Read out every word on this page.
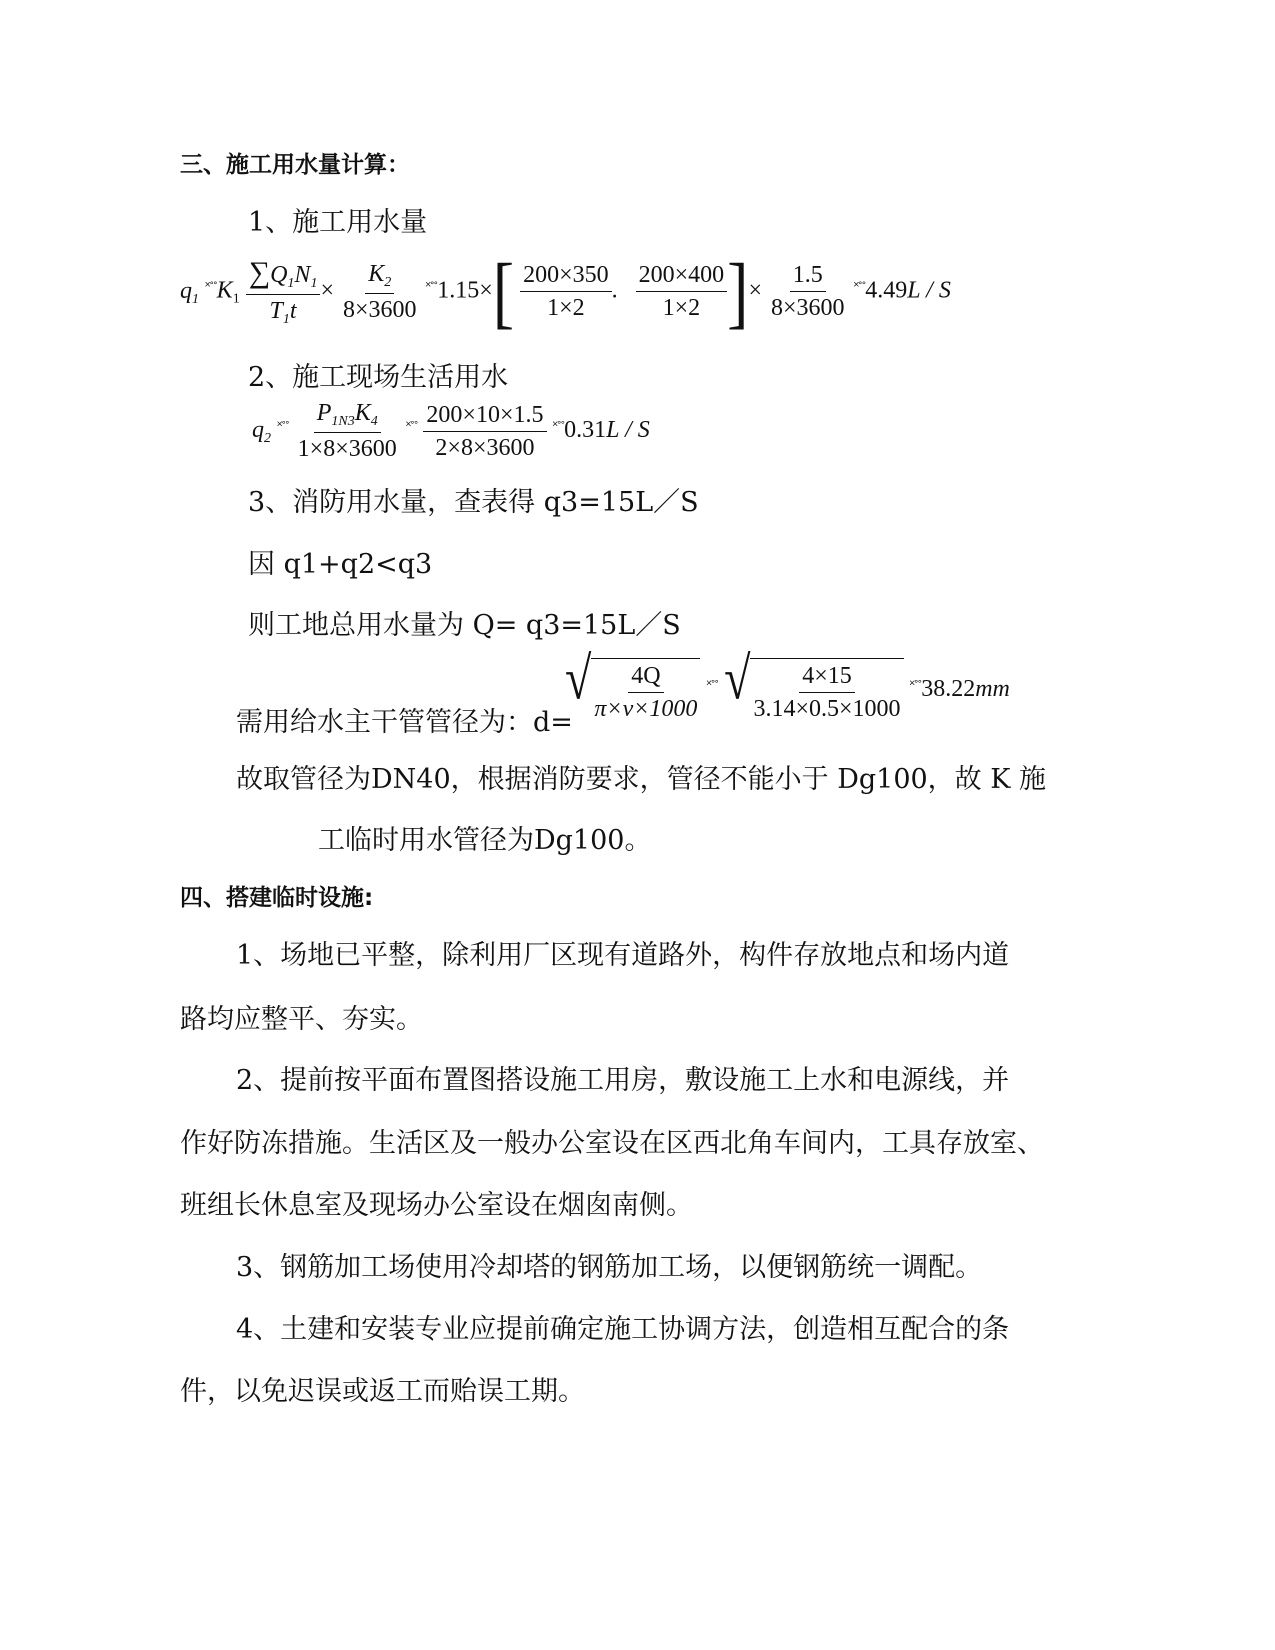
三、施工用水量计算：
1、施工用水量
$q_1$ $^{˟˚˚}K_1 \frac{\sum Q_1N_1}{T_1t} \times \frac{K_2}{8\times 3600} ^{˟˚˚}1.15\times[ \frac{200\times 350}{1\times 2}$ . $\frac{200\times 400}{1\times 2}$ ]× $\frac{1.5}{8\times 3600} ^{˟˚˚}4.49L$ / S
2、施工现场生活用水
$q_2$ $^{˟˚˚} \frac{P_{1N3}K_4}{1\times 8\times 3600} ^{˟˚˚} \frac{200\times 10\times 1.5}{2\times 8\times 3600} ^{˟˚˚}0.31L$ / S
3、消防用水量，查表得 q3=15L／S
因 q1+q2<q3
则工地总用水量为 Q= q3=15L／S
需用给水主干管管径为：d=
√ $\frac{4Q}{\pi\times v\times 1000} ^{˟˚˚}$ √ $\frac{4\times 15}{3.14\times 0.5\times 1000} ^{˟˚˚}38.22mm$
故取管径为DN40，根据消防要求，管径不能小于 Dg100，故 K 施
工临时用水管径为Dg100。
四、搭建临时设施:
1、场地已平整，除利用厂区现有道路外，构件存放地点和场内道
路均应整平、夯实。
2、提前按平面布置图搭设施工用房，敷设施工上水和电源线，并
作好防冻措施。生活区及一般办公室设在区西北角车间内，工具存放室、
班组长休息室及现场办公室设在烟囱南侧。
3、钢筋加工场使用冷却塔的钢筋加工场，以便钢筋统一调配。
4、土建和安装专业应提前确定施工协调方法，创造相互配合的条
件，以免迟误或返工而贻误工期。
